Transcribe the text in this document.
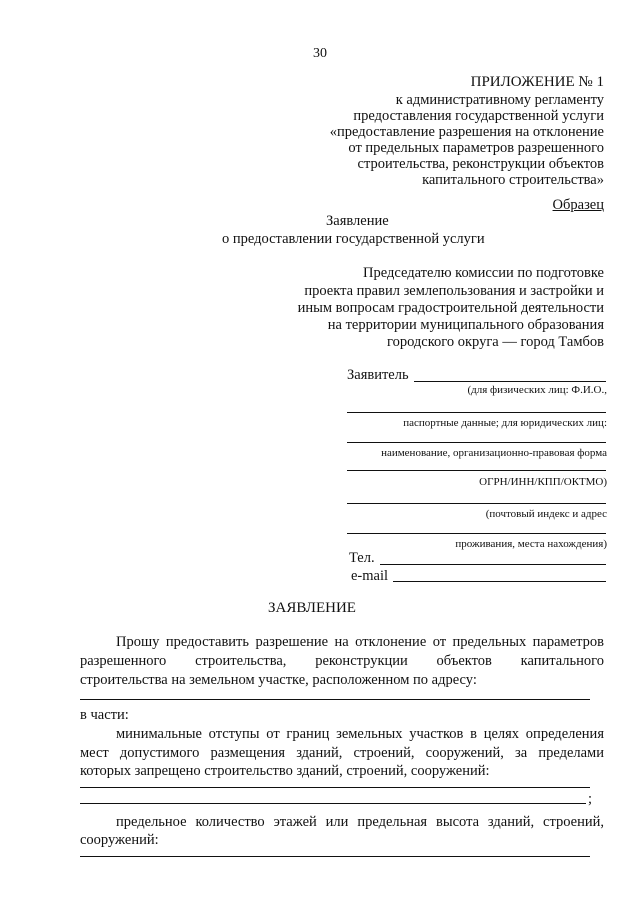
30
ПРИЛОЖЕНИЕ № 1
к административному регламенту
предоставления государственной услуги
«предоставление разрешения на отклонение
от предельных параметров разрешенного
строительства, реконструкции объектов
капитального строительства»
Образец
Заявление
о предоставлении государственной услуги
Председателю комиссии по подготовке
проекта правил землепользования и застройки и
иным вопросам градостроительной деятельности
на территории муниципального образования
городского округа — город Тамбов
Заявитель
(для физических лиц: Ф.И.О.,
паспортные данные; для юридических лиц:
наименование, организационно-правовая форма
ОГРН/ИНН/КПП/ОКТМО)
(почтовый индекс и адрес
проживания, места нахождения)
Тел.
e-mail
ЗАЯВЛЕНИЕ
Прошу предоставить разрешение на отклонение от предельных параметров
разрешенного строительства, реконструкции объектов капитального
строительства на земельном участке, расположенном по адресу:
в части:
минимальные отступы от границ земельных участков в целях определения
мест допустимого размещения зданий, строений, сооружений, за пределами
которых запрещено строительство зданий, строений, сооружений:
;
предельное количество этажей или предельная высота зданий, строений,
сооружений:
